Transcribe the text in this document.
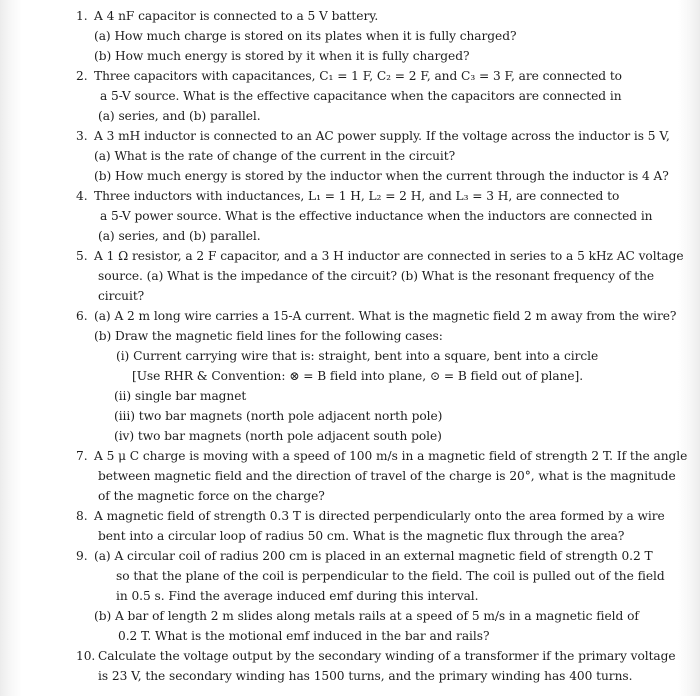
1. A 4 nF capacitor is connected to a 5 V battery.
(a) How much charge is stored on its plates when it is fully charged?
(b) How much energy is stored by it when it is fully charged?
2. Three capacitors with capacitances, C₁ = 1 F, C₂ = 2 F, and C₃ = 3 F, are connected to
a 5-V source. What is the effective capacitance when the capacitors are connected in
(a) series, and (b) parallel.
3. A 3 mH inductor is connected to an AC power supply. If the voltage across the inductor is 5 V,
(a) What is the rate of change of the current in the circuit?
(b) How much energy is stored by the inductor when the current through the inductor is 4 A?
4. Three inductors with inductances, L₁ = 1 H, L₂ = 2 H, and L₃ = 3 H, are connected to
a 5-V power source. What is the effective inductance when the inductors are connected in
(a) series, and (b) parallel.
5. A 1 Ω resistor, a 2 F capacitor, and a 3 H inductor are connected in series to a 5 kHz AC voltage
source. (a) What is the impedance of the circuit? (b) What is the resonant frequency of the
circuit?
6. (a) A 2 m long wire carries a 15-A current. What is the magnetic field 2 m away from the wire?
(b) Draw the magnetic field lines for the following cases:
(i) Current carrying wire that is: straight, bent into a square, bent into a circle
[Use RHR & Convention: ⊗ = B field into plane, ⊙ = B field out of plane].
(ii) single bar magnet
(iii) two bar magnets (north pole adjacent north pole)
(iv) two bar magnets (north pole adjacent south pole)
7. A 5 μ C charge is moving with a speed of 100 m/s in a magnetic field of strength 2 T. If the angle
between magnetic field and the direction of travel of the charge is 20°, what is the magnitude
of the magnetic force on the charge?
8. A magnetic field of strength 0.3 T is directed perpendicularly onto the area formed by a wire
bent into a circular loop of radius 50 cm. What is the magnetic flux through the area?
9. (a) A circular coil of radius 200 cm is placed in an external magnetic field of strength 0.2 T
so that the plane of the coil is perpendicular to the field. The coil is pulled out of the field
in 0.5 s. Find the average induced emf during this interval.
(b) A bar of length 2 m slides along metals rails at a speed of 5 m/s in a magnetic field of
0.2 T. What is the motional emf induced in the bar and rails?
10. Calculate the voltage output by the secondary winding of a transformer if the primary voltage
is 23 V, the secondary winding has 1500 turns, and the primary winding has 400 turns.
